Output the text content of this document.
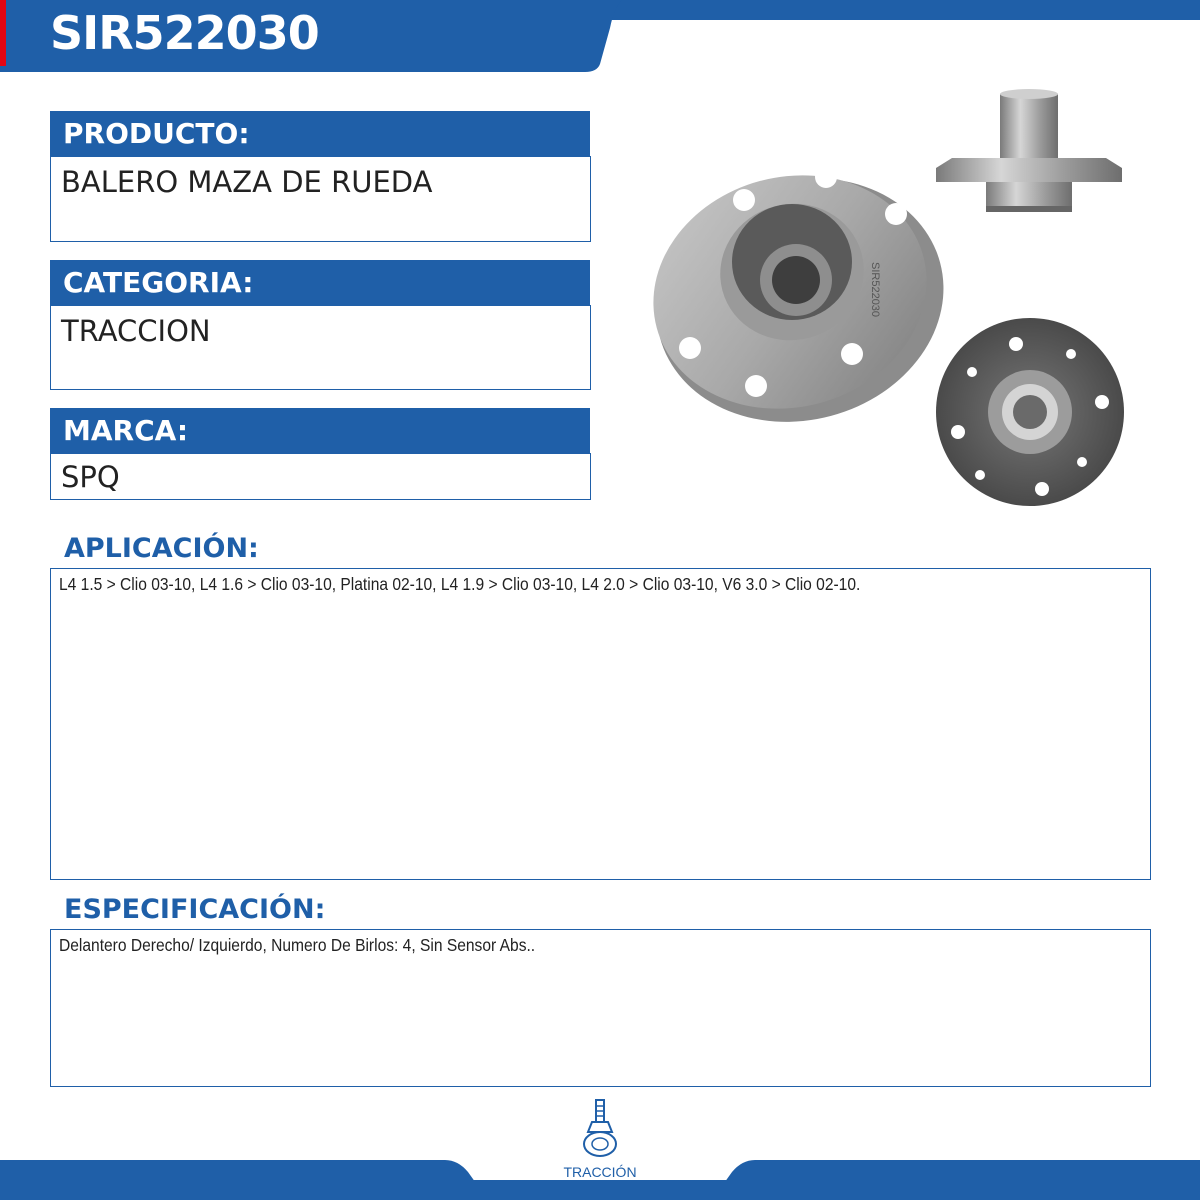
SIR522030
PRODUCTO:
BALERO MAZA DE RUEDA
CATEGORIA:
TRACCION
MARCA:
SPQ
SIR522030
APLICACIÓN:
L4 1.5 > Clio 03-10, L4 1.6 > Clio 03-10, Platina 02-10, L4 1.9 > Clio 03-10, L4 2.0 > Clio 03-10, V6 3.0 > Clio 02-10.
ESPECIFICACIÓN:
Delantero Derecho/ Izquierdo, Numero De Birlos: 4, Sin Sensor Abs..
TRACCIÓN
